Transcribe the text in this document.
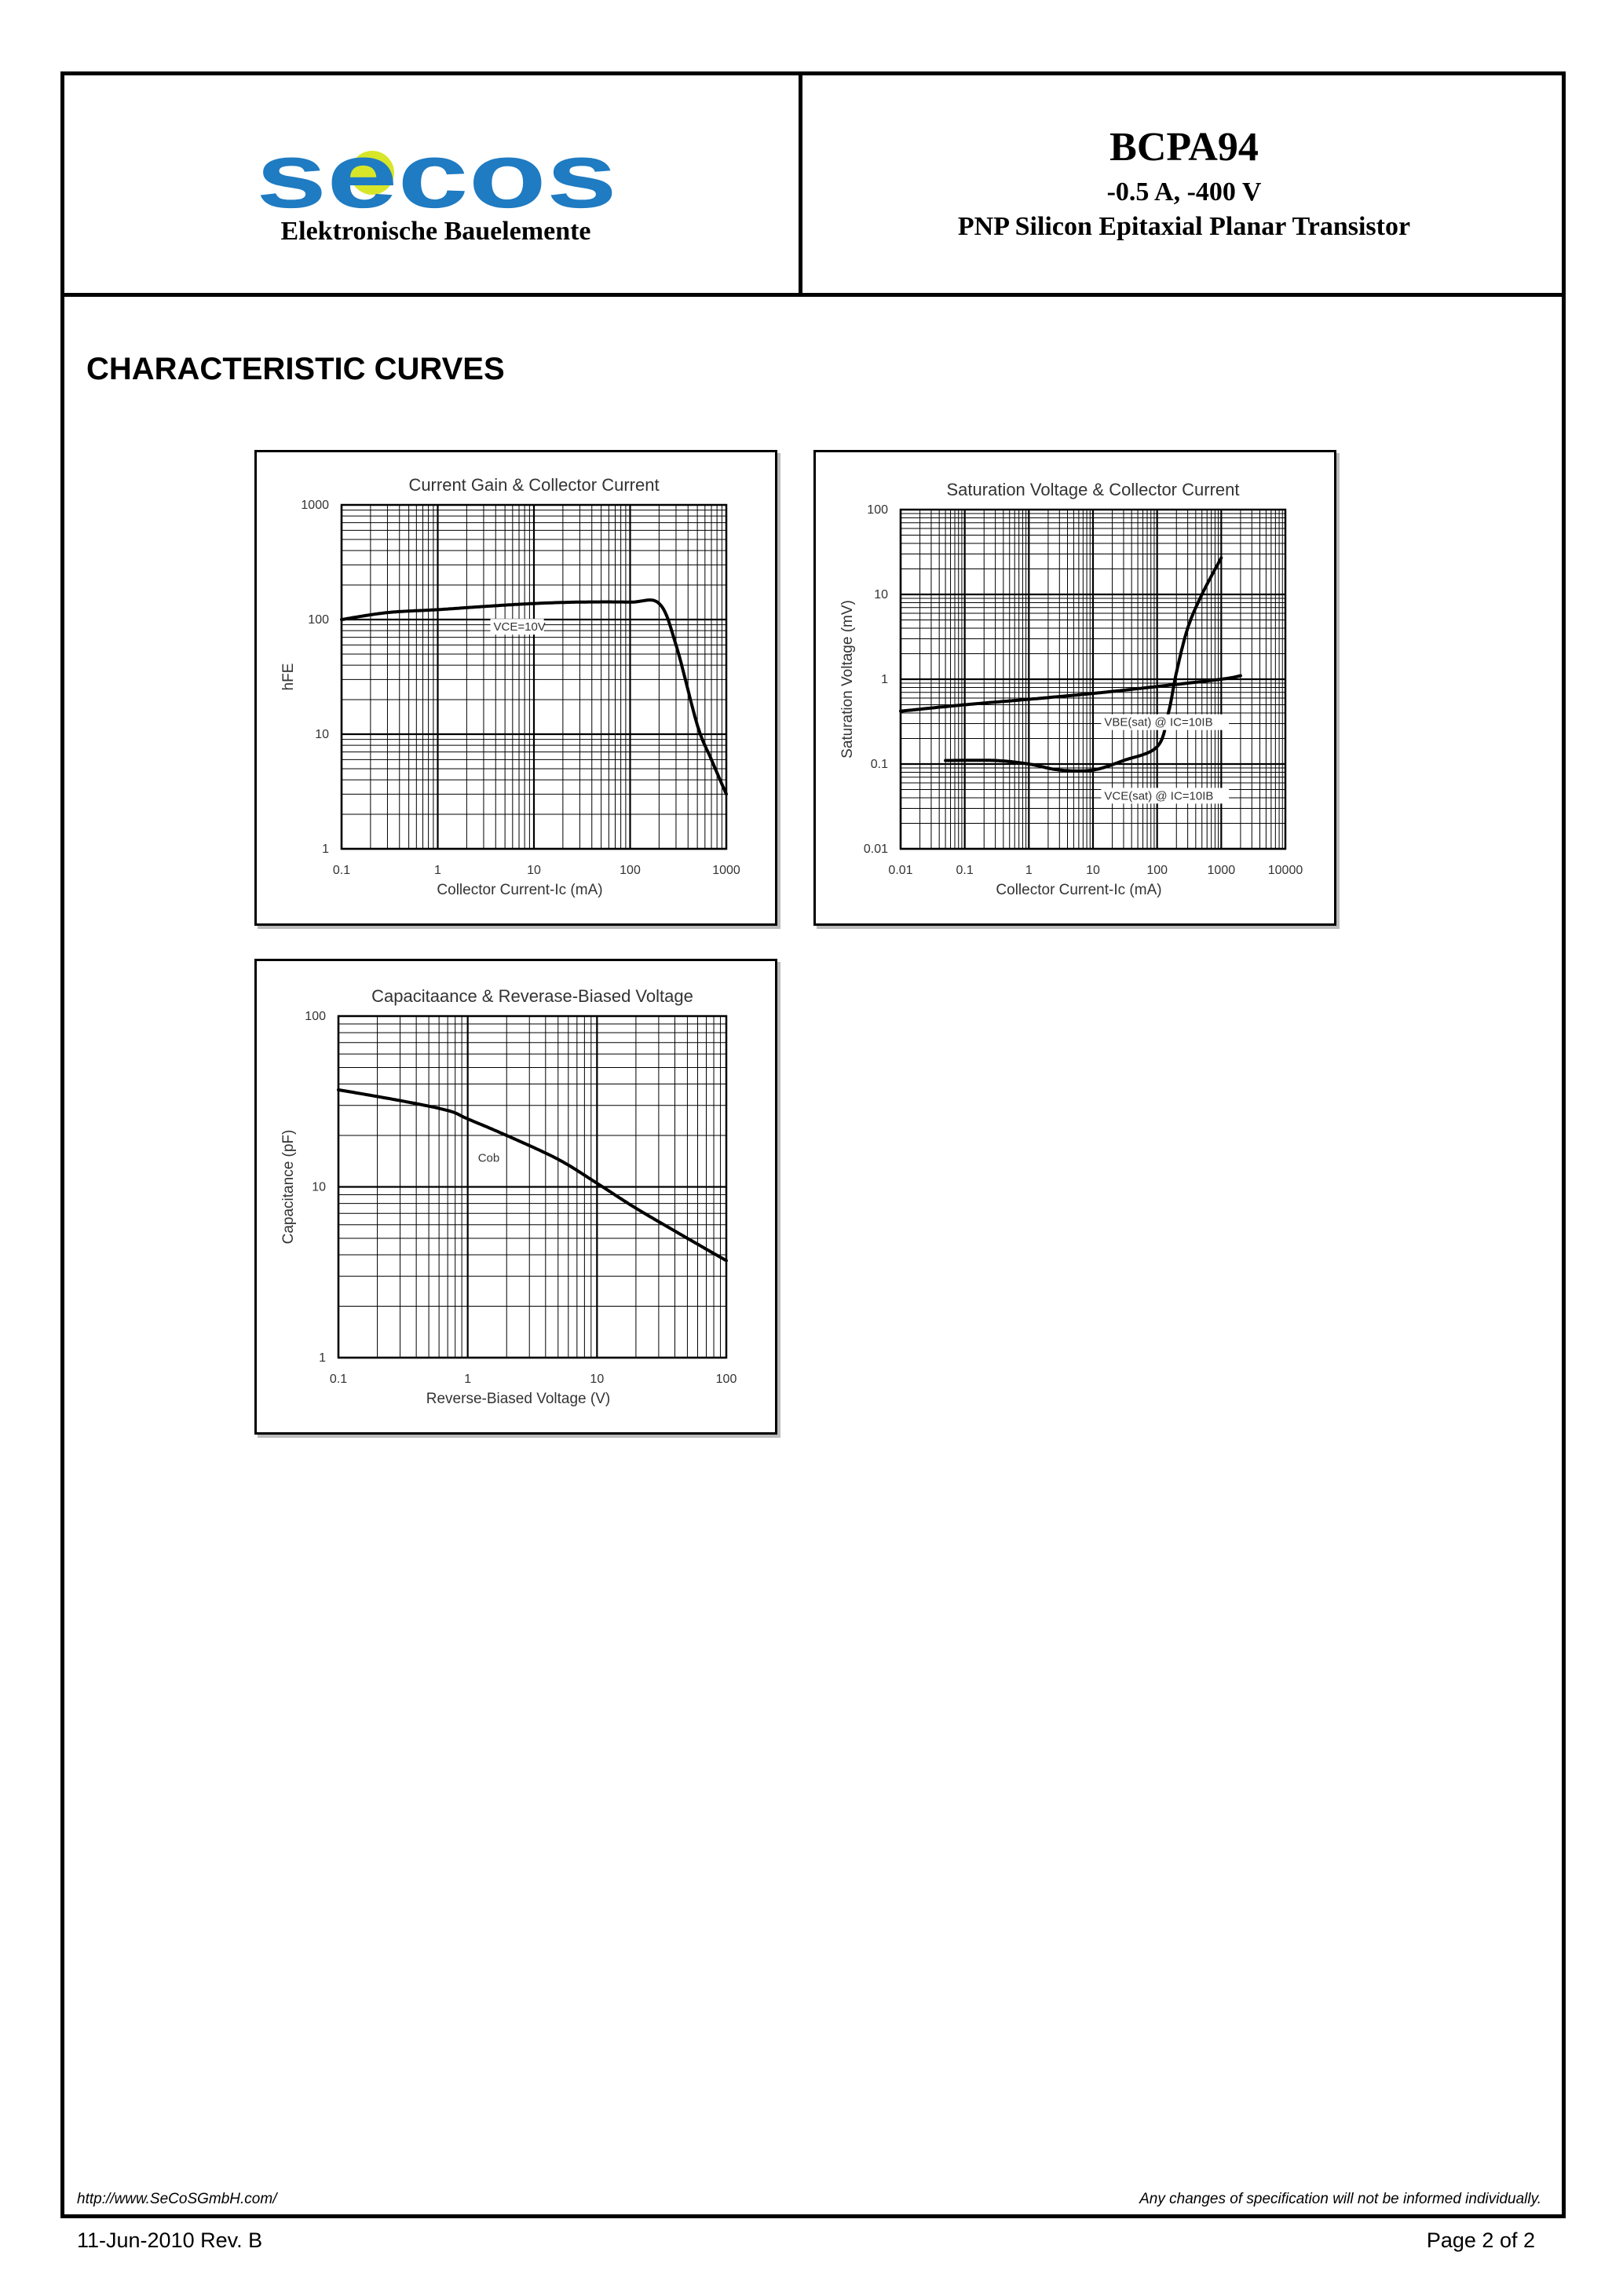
secos
Elektronische Bauelemente
BCPA94
-0.5 A, -400 V
PNP Silicon Epitaxial Planar Transistor
CHARACTERISTIC CURVES
Current Gain & Collector Current
0.1	1	10	100	1000
1
10
100
1000
Collector Current-Ic (mA)
hFE
VCE=10V
Saturation Voltage & Collector Current
0.01	0.1	1	10	100	1000	10000
0.01
0.1
1
10
100
Collector Current-Ic (mA)
Saturation Voltage (mV)	VBE(sat) @ IC=10IB
VCE(sat) @ IC=10IB
Capacitaance & Reverase-Biased Voltage
0.1	1	10	100
1
10
100
Reverse-Biased Voltage (V)
Capacitance (pF)	Cob
http://www.SeCoSGmbH.com/	Any changes of specification will not be informed individually.
11-Jun-2010 Rev. B	Page 2 of 2
